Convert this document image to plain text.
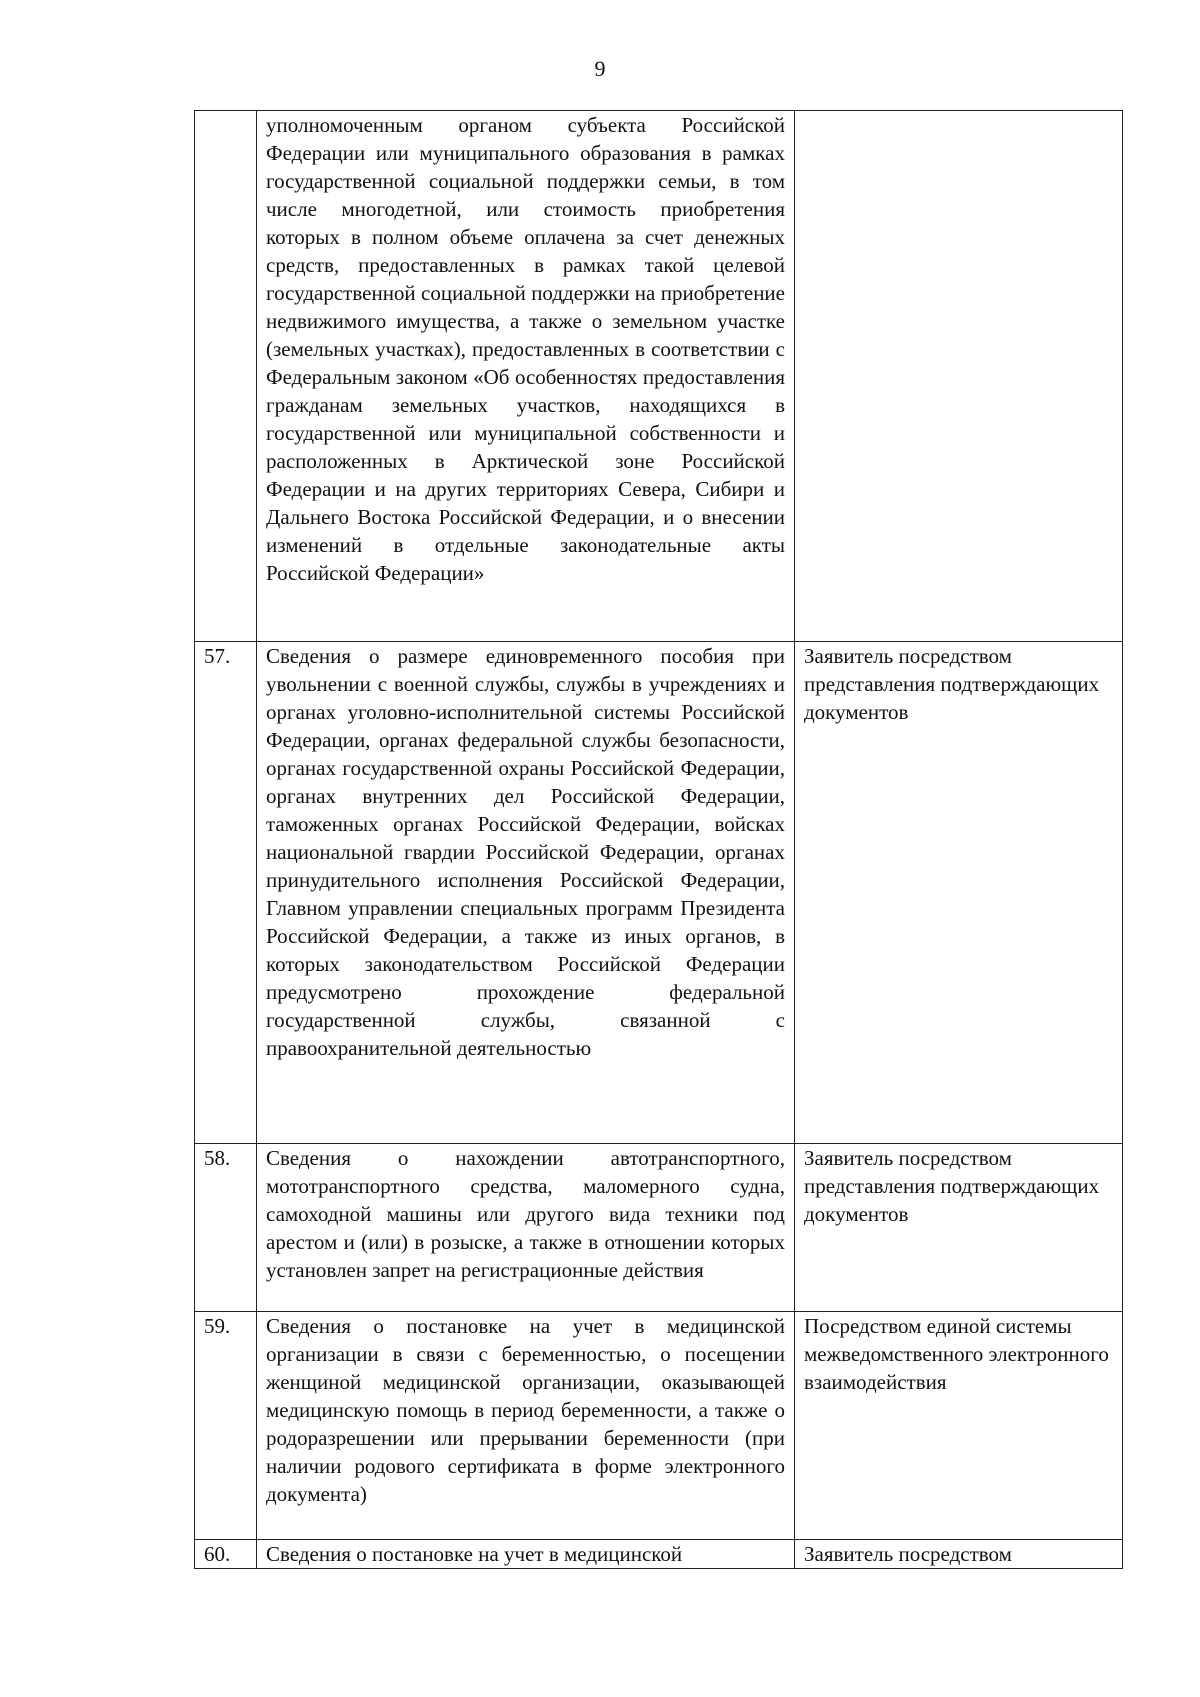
9

	уполномоченным органом субъекта Российской Федерации или муниципального образования в рамках государственной социальной поддержки семьи, в том числе многодетной, или стоимость приобретения которых в полном объеме оплачена за счет денежных средств, предоставленных в рамках такой целевой государственной социальной поддержки на приобретение недвижимого имущества, а также о земельном участке (земельных участках), предоставленных в соответствии с Федеральным законом «Об особенностях предоставления гражданам земельных участков, находящихся в государственной или муниципальной собственности и расположенных в Арктической зоне Российской Федерации и на других территориях Севера, Сибири и Дальнего Востока Российской Федерации, и о внесении изменений в отдельные законодательные акты Российской Федерации»	

57.	Сведения о размере единовременного пособия при увольнении с военной службы, службы в учреждениях и органах уголовно-исполнительной системы Российской Федерации, органах федеральной службы безопасности, органах государственной охраны Российской Федерации, органах внутренних дел Российской Федерации, таможенных органах Российской Федерации, войсках национальной гвардии Российской Федерации, органах принудительного исполнения Российской Федерации, Главном управлении специальных программ Президента Российской Федерации, а также из иных органов, в которых законодательством Российской Федерации предусмотрено прохождение федеральной государственной службы, связанной с правоохранительной деятельностью	Заявитель посредством представления подтверждающих документов

58.	Сведения о нахождении автотранспортного, мототранспортного средства, маломерного судна, самоходной машины или другого вида техники под арестом и (или) в розыске, а также в отношении которых установлен запрет на регистрационные действия	Заявитель посредством представления подтверждающих документов

59.	Сведения о постановке на учет в медицинской организации в связи с беременностью, о посещении женщиной медицинской организации, оказывающей медицинскую помощь в период беременности, а также о родоразрешении или прерывании беременности (при наличии родового сертификата в форме электронного документа)	Посредством единой системы межведомственного электронного взаимодействия

60.	Сведения о постановке на учет в медицинской	Заявитель посредством
